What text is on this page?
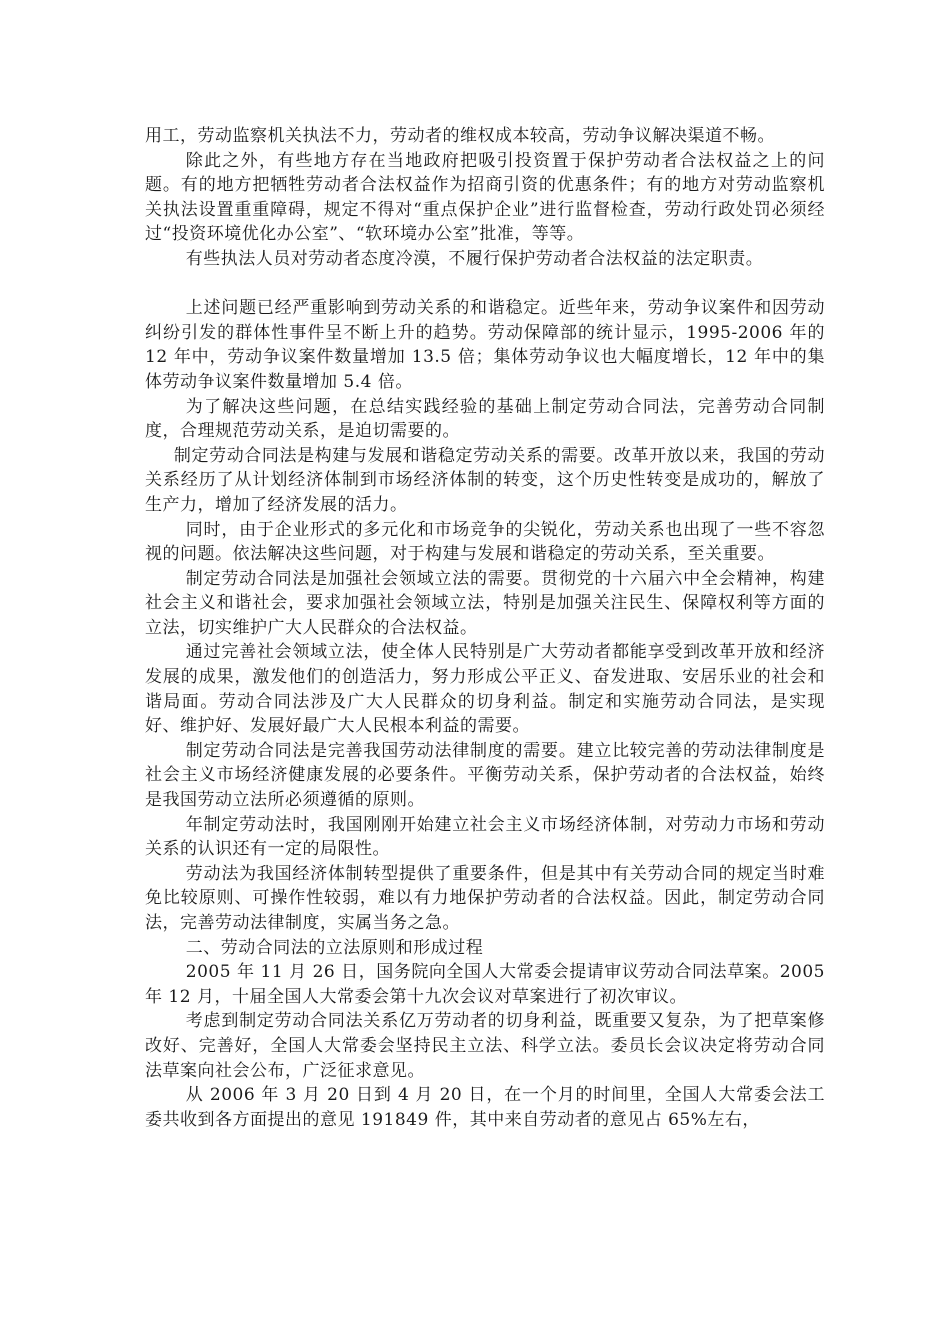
用工，劳动监察机关执法不力，劳动者的维权成本较高，劳动争议解决渠道不畅。

除此之外，有些地方存在当地政府把吸引投资置于保护劳动者合法权益之上的问题。有的地方把牺牲劳动者合法权益作为招商引资的优惠条件；有的地方对劳动监察机关执法设置重重障碍，规定不得对“重点保护企业”进行监督检查，劳动行政处罚必须经过“投资环境优化办公室”、“软环境办公室”批准，等等。

有些执法人员对劳动者态度冷漠，不履行保护劳动者合法权益的法定职责。

上述问题已经严重影响到劳动关系的和谐稳定。近些年来，劳动争议案件和因劳动纠纷引发的群体性事件呈不断上升的趋势。劳动保障部的统计显示，1995-2006 年的 12 年中，劳动争议案件数量增加 13.5 倍；集体劳动争议也大幅度增长，12 年中的集体劳动争议案件数量增加 5.4 倍。

为了解决这些问题，在总结实践经验的基础上制定劳动合同法，完善劳动合同制度，合理规范劳动关系，是迫切需要的。

制定劳动合同法是构建与发展和谐稳定劳动关系的需要。改革开放以来，我国的劳动关系经历了从计划经济体制到市场经济体制的转变，这个历史性转变是成功的，解放了生产力，增加了经济发展的活力。

同时，由于企业形式的多元化和市场竞争的尖锐化，劳动关系也出现了一些不容忽视的问题。依法解决这些问题，对于构建与发展和谐稳定的劳动关系，至关重要。

制定劳动合同法是加强社会领域立法的需要。贯彻党的十六届六中全会精神，构建社会主义和谐社会，要求加强社会领域立法，特别是加强关注民生、保障权利等方面的立法，切实维护广大人民群众的合法权益。

通过完善社会领域立法，使全体人民特别是广大劳动者都能享受到改革开放和经济发展的成果，激发他们的创造活力，努力形成公平正义、奋发进取、安居乐业的社会和谐局面。劳动合同法涉及广大人民群众的切身利益。制定和实施劳动合同法，是实现好、维护好、发展好最广大人民根本利益的需要。

制定劳动合同法是完善我国劳动法律制度的需要。建立比较完善的劳动法律制度是社会主义市场经济健康发展的必要条件。平衡劳动关系，保护劳动者的合法权益，始终是我国劳动立法所必须遵循的原则。

年制定劳动法时，我国刚刚开始建立社会主义市场经济体制，对劳动力市场和劳动关系的认识还有一定的局限性。

劳动法为我国经济体制转型提供了重要条件，但是其中有关劳动合同的规定当时难免比较原则、可操作性较弱，难以有力地保护劳动者的合法权益。因此，制定劳动合同法，完善劳动法律制度，实属当务之急。

二、劳动合同法的立法原则和形成过程

2005 年 11 月 26 日，国务院向全国人大常委会提请审议劳动合同法草案。2005 年 12 月，十届全国人大常委会第十九次会议对草案进行了初次审议。

考虑到制定劳动合同法关系亿万劳动者的切身利益，既重要又复杂，为了把草案修改好、完善好，全国人大常委会坚持民主立法、科学立法。委员长会议决定将劳动合同法草案向社会公布，广泛征求意见。

从 2006 年 3 月 20 日到 4 月 20 日，在一个月的时间里，全国人大常委会法工委共收到各方面提出的意见 191849 件，其中来自劳动者的意见占 65%左右，
